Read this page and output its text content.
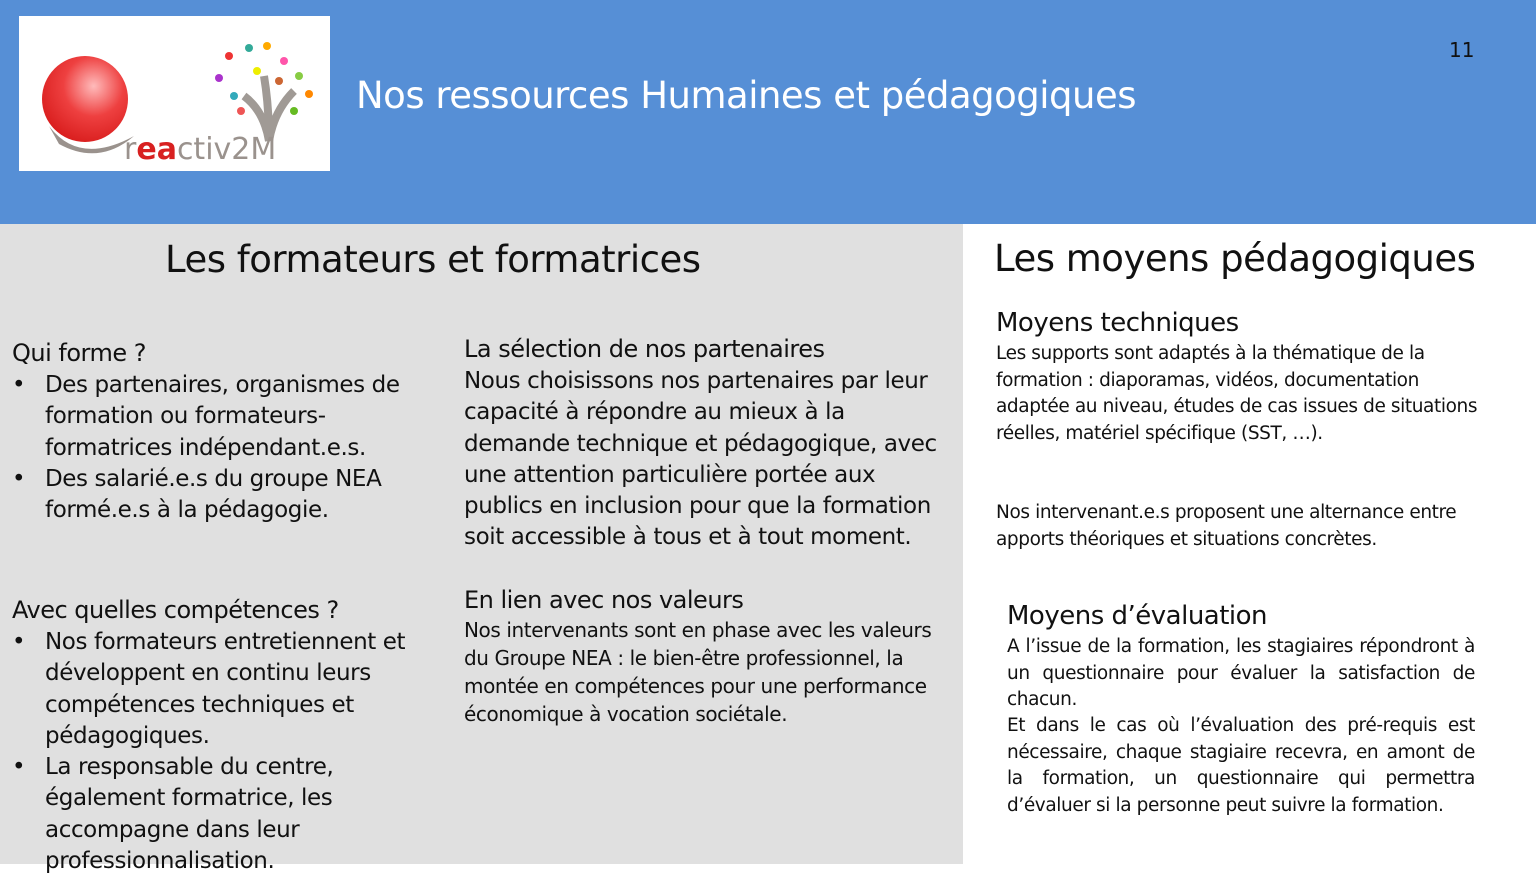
reactiv2M
Nos ressources Humaines et pédagogiques
11
Les formateurs et formatrices
Qui forme ?
• Des partenaires, organismes de formation ou formateurs-formatrices indépendant.e.s.
• Des salarié.e.s du groupe NEA formé.e.s à la pédagogie.
Avec quelles compétences ?
• Nos formateurs entretiennent et développent en continu leurs compétences techniques et pédagogiques.
• La responsable du centre, également formatrice, les accompagne dans leur professionnalisation.
La sélection de nos partenaires

Nous choisissons nos partenaires par leur capacité à répondre au mieux à la demande technique et pédagogique, avec une attention particulière portée aux publics en inclusion pour que la formation soit accessible à tous et à tout moment.

En lien avec nos valeurs

Nos intervenants sont en phase avec les valeurs du Groupe NEA : le bien-être professionnel, la montée en compétences pour une performance économique à vocation sociétale.

Les moyens pédagogiques
Moyens techniques

Les supports sont adaptés à la thématique de la formation : diaporamas, vidéos, documentation adaptée au niveau, études de cas issues de situations réelles, matériel spécifique (SST, …).

Nos intervenant.e.s proposent une alternance entre apports théoriques et situations concrètes.

Moyens d’évaluation

A l’issue de la formation, les stagiaires répondront à un questionnaire pour évaluer la satisfaction de chacun.

Et dans le cas où l’évaluation des pré-requis est nécessaire, chaque stagiaire recevra, en amont de la formation, un questionnaire qui permettra d’évaluer si la personne peut suivre la formation.
